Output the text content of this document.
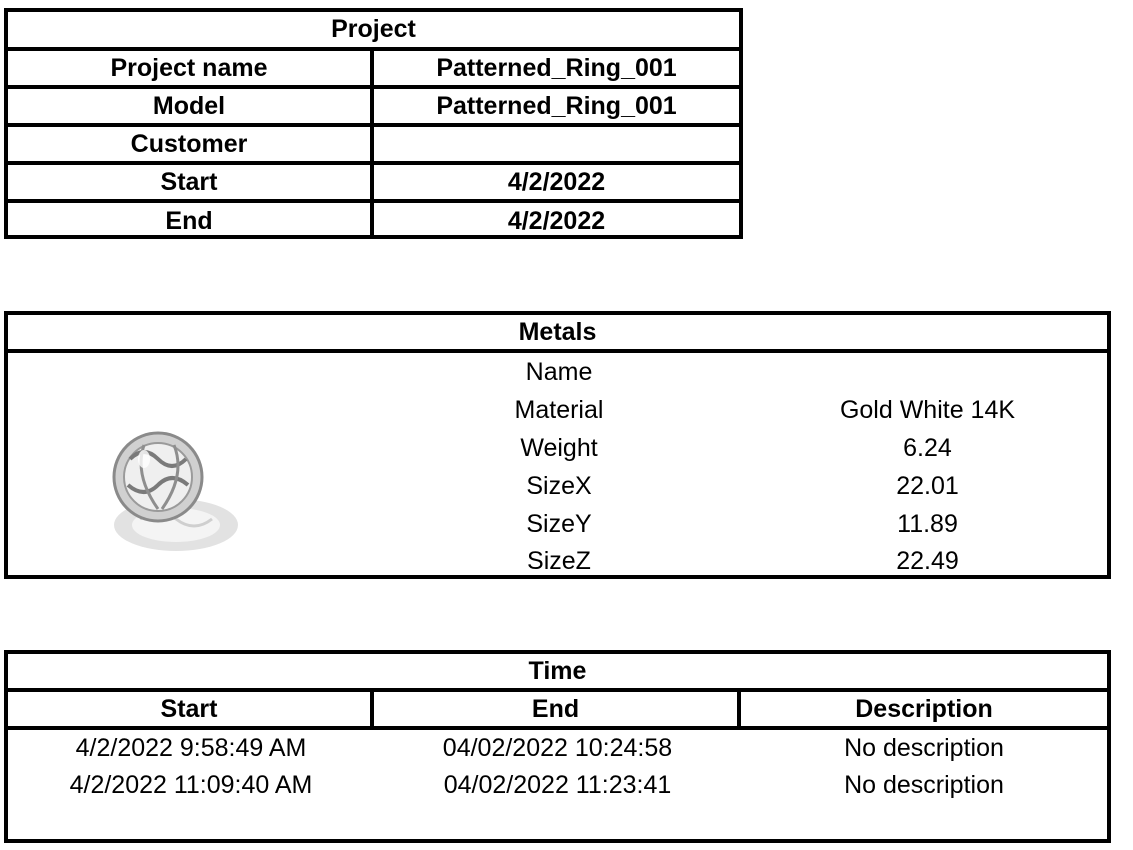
Project
Project name	Patterned_Ring_001
Model	Patterned_Ring_001
Customer
Start	4/2/2022
End	4/2/2022
Metals
Name
Material	Gold White 14K
Weight	6.24
SizeX	22.01
SizeY	11.89
SizeZ	22.49
Time
Start	End	Description
4/2/2022 9:58:49 AM	04/02/2022 10:24:58	No description
4/2/2022 11:09:40 AM	04/02/2022 11:23:41	No description
